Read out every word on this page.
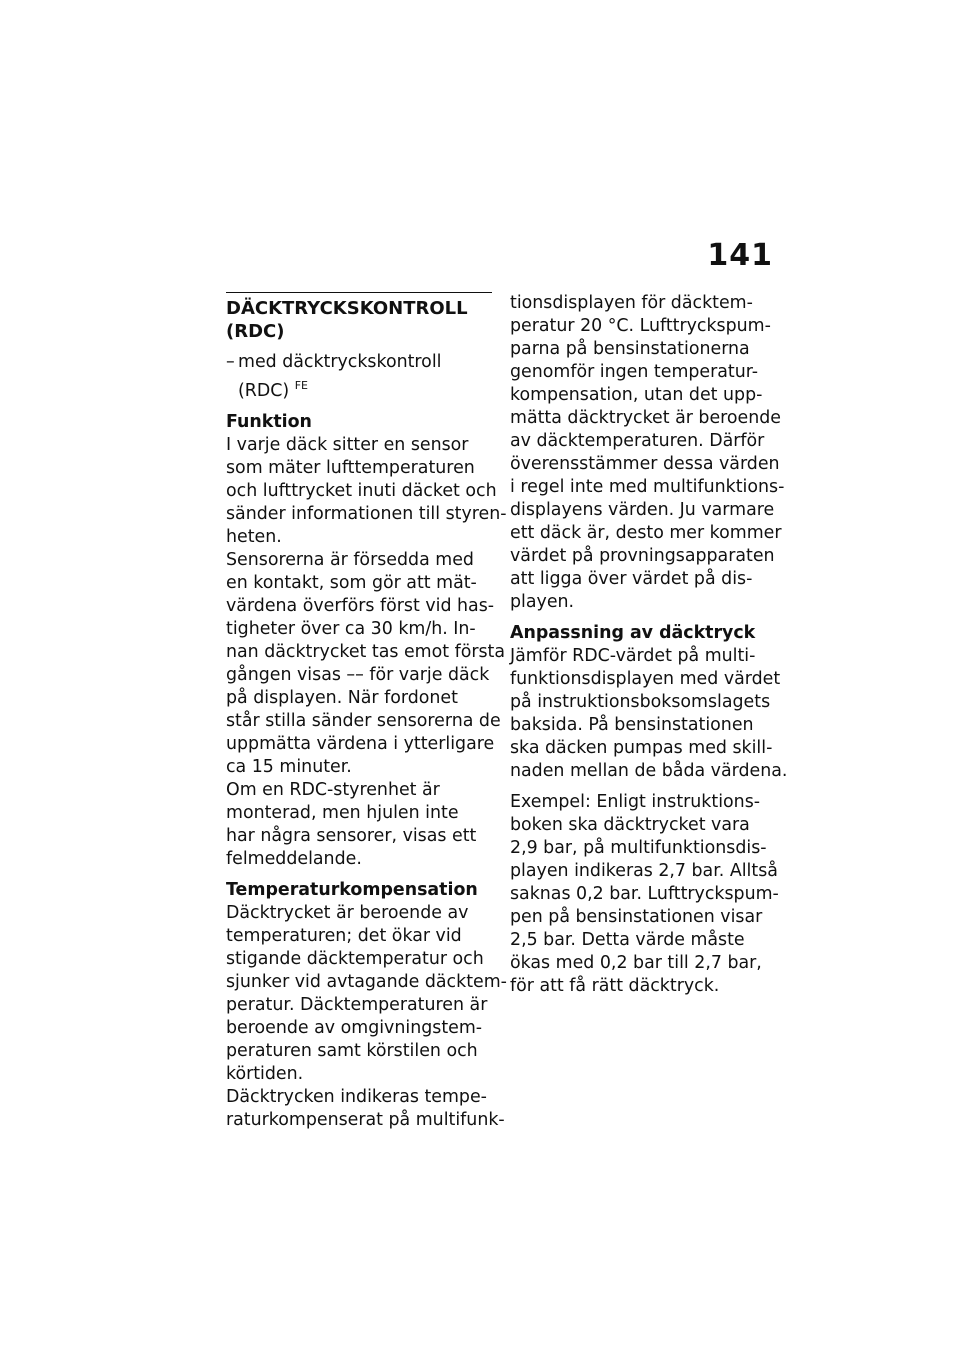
141
DÄCKTRYCKSKONTROLL
(RDC)
– med däcktryckskontroll
(RDC) $^{FE}$
Funktion
I varje däck sitter en sensor
som mäter lufttemperaturen
och lufttrycket inuti däcket och
sänder informationen till styren-
heten.
Sensorerna är försedda med
en kontakt, som gör att mät-
värdena överförs först vid has-
tigheter över ca 30 km/h. In-
nan däcktrycket tas emot första
gången visas –– för varje däck
på displayen. När fordonet
står stilla sänder sensorerna de
uppmätta värdena i ytterligare
ca 15 minuter.
Om en RDC-styrenhet är
monterad, men hjulen inte
har några sensorer, visas ett
felmeddelande.
Temperaturkompensation
Däcktrycket är beroende av
temperaturen; det ökar vid
stigande däcktemperatur och
sjunker vid avtagande däcktem-
peratur. Däcktemperaturen är
beroende av omgivningstem-
peraturen samt körstilen och
körtiden.
Däcktrycken indikeras tempe-
raturkompenserat på multifunk-
tionsdisplayen för däcktem-
peratur 20 °C. Lufttryckspum-
parna på bensinstationerna
genomför ingen temperatur-
kompensation, utan det upp-
mätta däcktrycket är beroende
av däcktemperaturen. Därför
överensstämmer dessa värden
i regel inte med multifunktions-
displayens värden. Ju varmare
ett däck är, desto mer kommer
värdet på provningsapparaten
att ligga över värdet på dis-
playen.
Anpassning av däcktryck
Jämför RDC-värdet på multi-
funktionsdisplayen med värdet
på instruktionsboksomslagets
baksida. På bensinstationen
ska däcken pumpas med skill-
naden mellan de båda värdena.
Exempel: Enligt instruktions-
boken ska däcktrycket vara
2,9 bar, på multifunktionsdis-
playen indikeras 2,7 bar. Alltså
saknas 0,2 bar. Lufttryckspum-
pen på bensinstationen visar
2,5 bar. Detta värde måste
ökas med 0,2 bar till 2,7 bar,
för att få rätt däcktryck.
